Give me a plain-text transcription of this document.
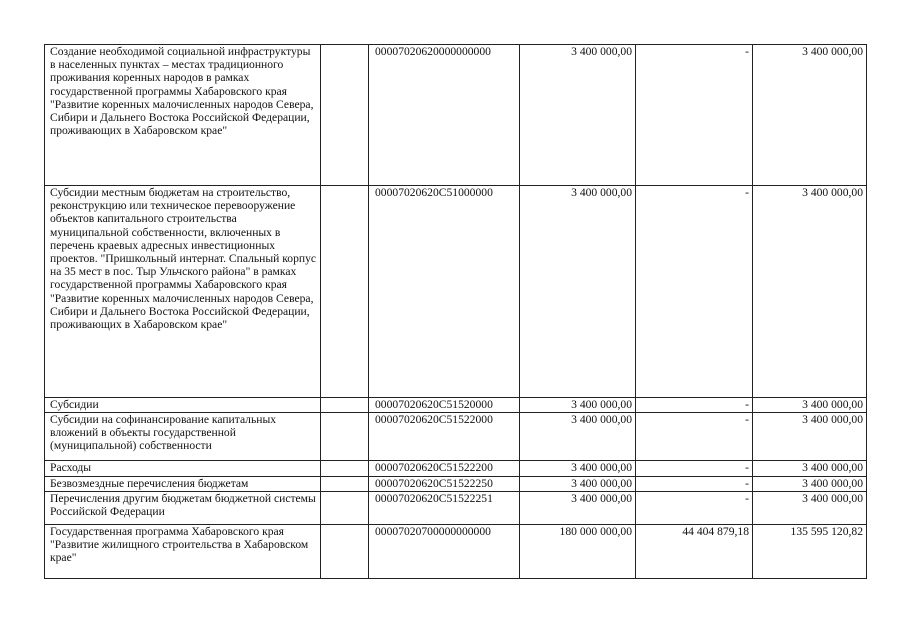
Создание необходимой социальной инфраструктуры в населенных пунктах – местах традиционного проживания коренных народов в рамках государственной программы Хабаровского края "Развитие коренных малочисленных народов Севера, Сибири и Дальнего Востока Российской Федерации, проживающих в Хабаровском крае"		00007020620000000000	3 400 000,00	-	3 400 000,00
Субсидии местным бюджетам на строительство, реконструкцию или техническое перевооружение объектов капитального строительства муниципальной собственности, включенных в перечень краевых адресных инвестиционных проектов. "Пришкольный интернат. Спальный корпус на 35 мест в пос. Тыр Ульчского района" в рамках государственной программы Хабаровского края "Развитие коренных малочисленных народов Севера, Сибири и Дальнего Востока Российской Федерации, проживающих в Хабаровском крае"		00007020620C51000000	3 400 000,00	-	3 400 000,00
Субсидии		00007020620C51520000	3 400 000,00	-	3 400 000,00
Субсидии на софинансирование капитальных вложений в объекты государственной (муниципальной) собственности		00007020620C51522000	3 400 000,00	-	3 400 000,00
Расходы		00007020620C51522200	3 400 000,00	-	3 400 000,00
Безвозмездные перечисления бюджетам		00007020620C51522250	3 400 000,00	-	3 400 000,00
Перечисления другим бюджетам бюджетной системы Российской Федерации		00007020620C51522251	3 400 000,00	-	3 400 000,00
Государственная программа Хабаровского края "Развитие жилищного строительства в Хабаровском крае"		00007020700000000000	180 000 000,00	44 404 879,18	135 595 120,82
